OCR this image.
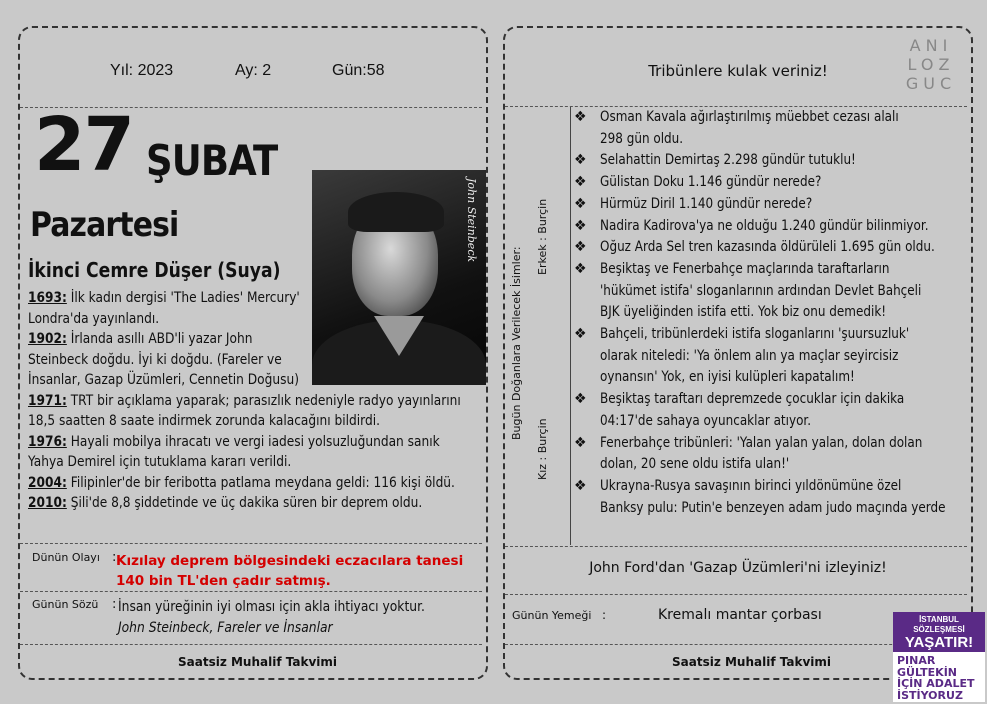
Yıl: 2023	Ay: 2	Gün:58
27 ŞUBAT
Pazartesi
İkinci Cemre Düşer (Suya)
John Steinbeck
1693: İlk kadın dergisi 'The Ladies' Mercury'
Londra'da yayınlandı.
1902: İrlanda asıllı ABD'li yazar John
Steinbeck doğdu. İyi ki doğdu. (Fareler ve
İnsanlar, Gazap Üzümleri, Cennetin Doğusu)
1971: TRT bir açıklama yaparak; parasızlık nedeniyle radyo yayınlarını
18,5 saatten 8 saate indirmek zorunda kalacağını bildirdi.
1976: Hayali mobilya ihracatı ve vergi iadesi yolsuzluğundan sanık
Yahya Demirel için tutuklama kararı verildi.
2004: Filipinler'de bir feribotta patlama meydana geldi: 116 kişi öldü.
2010: Şili'de 8,8 şiddetinde ve üç dakika süren bir deprem oldu.
Dünün Olayı : Kızılay deprem bölgesindeki eczacılara tanesi 140 bin TL'den çadır satmış.
Günün Sözü : İnsan yüreğinin iyi olması için akla ihtiyacı yoktur.
John Steinbeck, Fareler ve İnsanlar
Saatsiz Muhalif Takvimi
Tribünlere kulak veriniz!
ANI
LOZ
GUC
Bugün Doğanlara Verilecek İsimler:
Erkek : Burçin
Kız : Burçin
❖ Osman Kavala ağırlaştırılmış müebbet cezası alalı
298 gün oldu.
❖ Selahattin Demirtaş 2.298 gündür tutuklu!
❖ Gülistan Doku 1.146 gündür nerede?
❖ Hürmüz Diril 1.140 gündür nerede?
❖ Nadira Kadirova'ya ne olduğu 1.240 gündür bilinmiyor.
❖ Oğuz Arda Sel tren kazasında öldürüleli 1.695 gün oldu.
❖ Beşiktaş ve Fenerbahçe maçlarında taraftarların
'hükümet istifa' sloganlarının ardından Devlet Bahçeli
BJK üyeliğinden istifa etti. Yok biz onu demedik!
❖ Bahçeli, tribünlerdeki istifa sloganlarını 'şuursuzluk'
olarak niteledi: 'Ya önlem alın ya maçlar seyircisiz
oynansın' Yok, en iyisi kulüpleri kapatalım!
❖ Beşiktaş taraftarı depremzede çocuklar için dakika
04:17'de sahaya oyuncaklar atıyor.
❖ Fenerbahçe tribünleri: 'Yalan yalan yalan, dolan dolan
dolan, 20 sene oldu istifa ulan!'
❖ Ukrayna-Rusya savaşının birinci yıldönümüne özel
Banksy pulu: Putin'e benzeyen adam judo maçında yerde
John Ford'dan 'Gazap Üzümleri'ni izleyiniz!
Günün Yemeği :	Kremalı mantar çorbası
Saatsiz Muhalif Takvimi
İSTANBUL SÖZLEŞMESİ
YAŞATIR!
PINAR GÜLTEKİN
İÇİN ADALET
İSTİYORUZ
